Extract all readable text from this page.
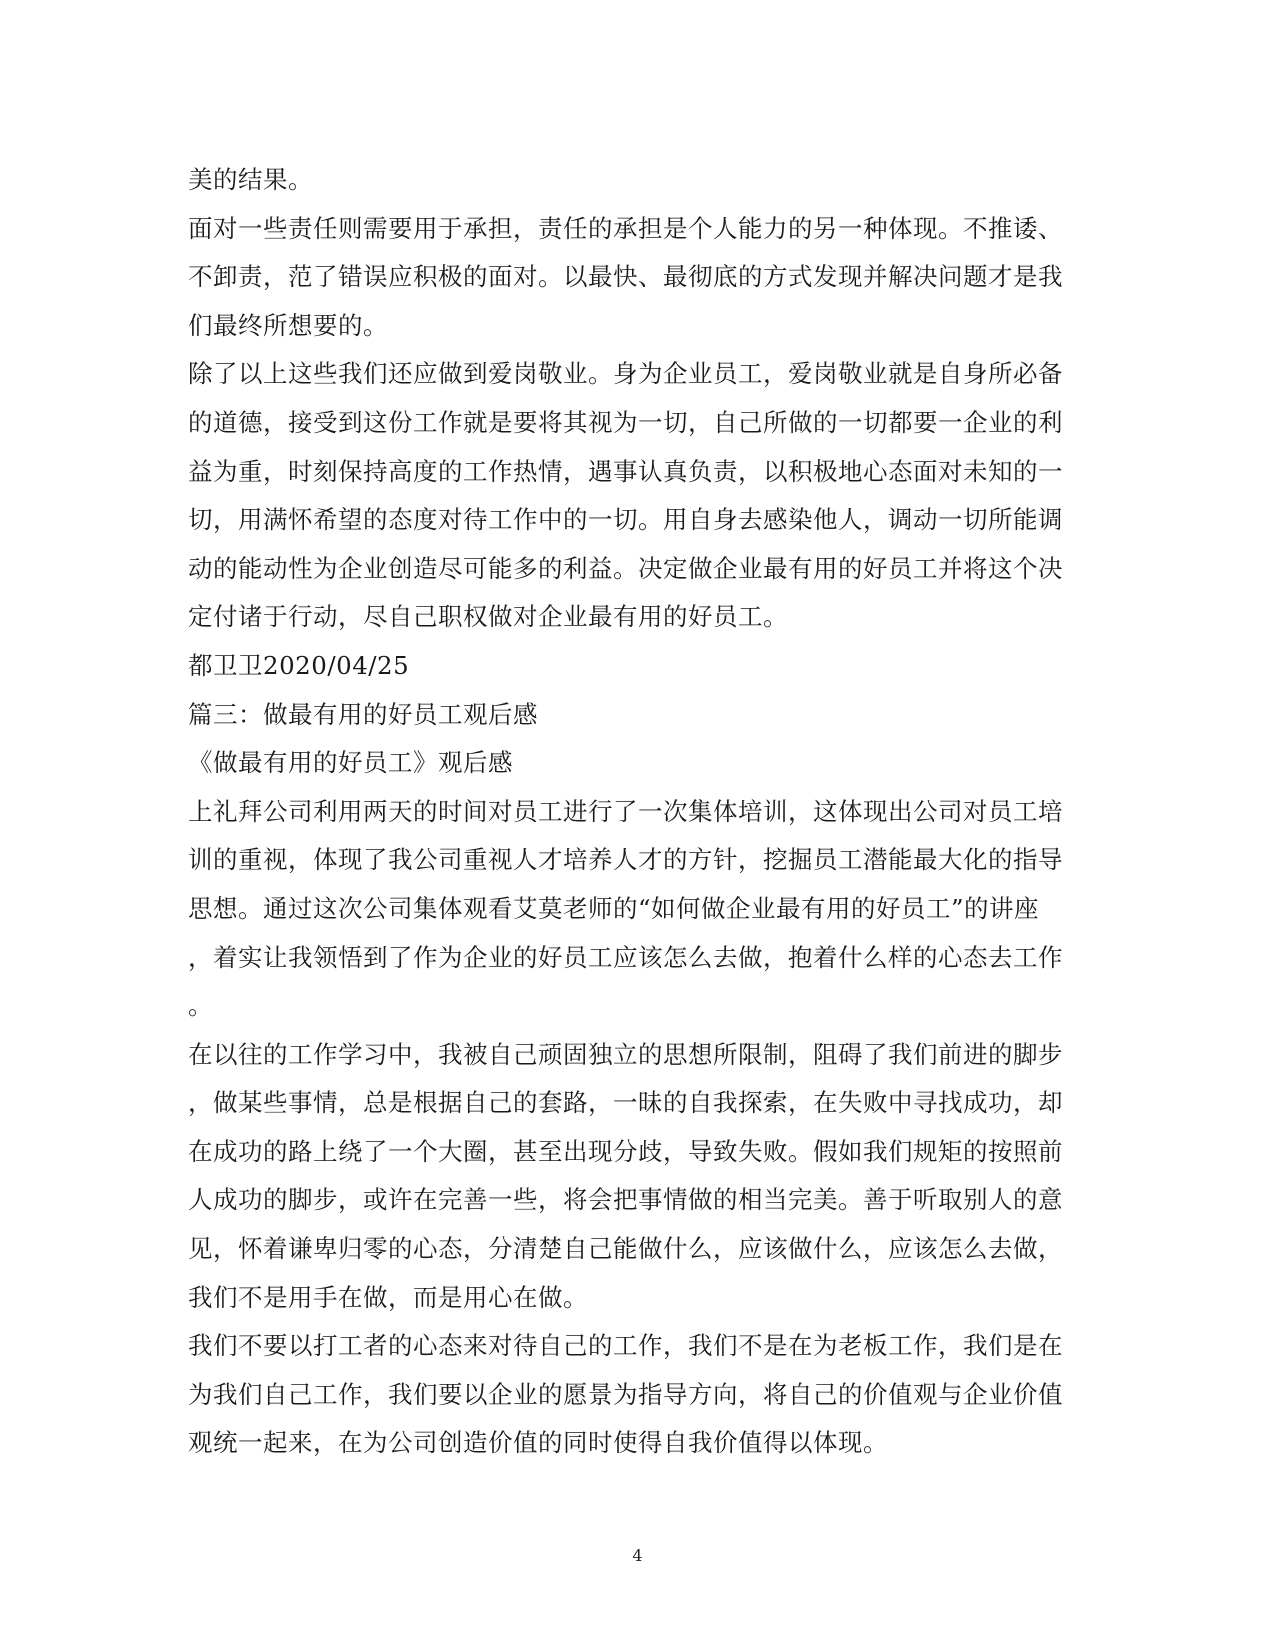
美的结果。
面对一些责任则需要用于承担，责任的承担是个人能力的另一种体现。不推诿、
不卸责，范了错误应积极的面对。以最快、最彻底的方式发现并解决问题才是我
们最终所想要的。
除了以上这些我们还应做到爱岗敬业。身为企业员工，爱岗敬业就是自身所必备
的道德，接受到这份工作就是要将其视为一切，自己所做的一切都要一企业的利
益为重，时刻保持高度的工作热情，遇事认真负责，以积极地心态面对未知的一
切，用满怀希望的态度对待工作中的一切。用自身去感染他人，调动一切所能调
动的能动性为企业创造尽可能多的利益。决定做企业最有用的好员工并将这个决
定付诸于行动，尽自己职权做对企业最有用的好员工。
都卫卫2020/04/25
篇三：做最有用的好员工观后感
《做最有用的好员工》观后感
上礼拜公司利用两天的时间对员工进行了一次集体培训，这体现出公司对员工培
训的重视，体现了我公司重视人才培养人才的方针，挖掘员工潜能最大化的指导
思想。通过这次公司集体观看艾莫老师的“如何做企业最有用的好员工”的讲座
，着实让我领悟到了作为企业的好员工应该怎么去做，抱着什么样的心态去工作
。
在以往的工作学习中，我被自己顽固独立的思想所限制，阻碍了我们前进的脚步
，做某些事情，总是根据自己的套路，一昧的自我探索，在失败中寻找成功，却
在成功的路上绕了一个大圈，甚至出现分歧，导致失败。假如我们规矩的按照前
人成功的脚步，或许在完善一些，将会把事情做的相当完美。善于听取别人的意
见，怀着谦卑归零的心态，分清楚自己能做什么，应该做什么，应该怎么去做，
我们不是用手在做，而是用心在做。
我们不要以打工者的心态来对待自己的工作，我们不是在为老板工作，我们是在
为我们自己工作，我们要以企业的愿景为指导方向，将自己的价值观与企业价值
观统一起来，在为公司创造价值的同时使得自我价值得以体现。
4
